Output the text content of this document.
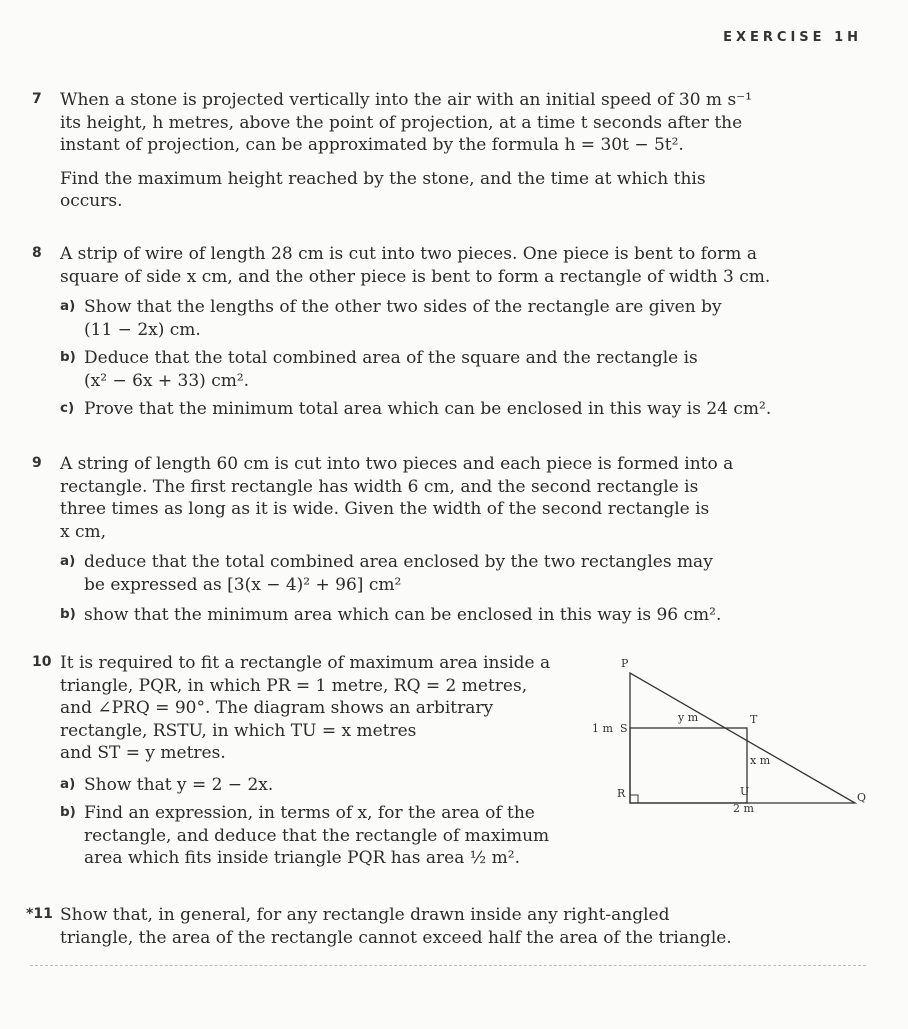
EXERCISE 1H
7 When a stone is projected vertically into the air with an initial speed of 30 m s⁻¹
its height, h metres, above the point of projection, at a time t seconds after the
instant of projection, can be approximated by the formula h = 30t − 5t².
Find the maximum height reached by the stone, and the time at which this
occurs.
8 A strip of wire of length 28 cm is cut into two pieces. One piece is bent to form a
square of side x cm, and the other piece is bent to form a rectangle of width 3 cm.
a) Show that the lengths of the other two sides of the rectangle are given by
(11 − 2x) cm.
b) Deduce that the total combined area of the square and the rectangle is
(x² − 6x + 33) cm².
c) Prove that the minimum total area which can be enclosed in this way is 24 cm².
9 A string of length 60 cm is cut into two pieces and each piece is formed into a
rectangle. The first rectangle has width 6 cm, and the second rectangle is
three times as long as it is wide. Given the width of the second rectangle is
x cm,
a) deduce that the total combined area enclosed by the two rectangles may
be expressed as [3(x − 4)² + 96] cm²
b) show that the minimum area which can be enclosed in this way is 96 cm².
10 It is required to fit a rectangle of maximum area inside a
triangle, PQR, in which PR = 1 metre, RQ = 2 metres,
and ∠PRQ = 90°. The diagram shows an arbitrary
rectangle, RSTU, in which TU = x metres
and ST = y metres.
a) Show that y = 2 − 2x.
b) Find an expression, in terms of x, for the area of the
rectangle, and deduce that the rectangle of maximum
area which fits inside triangle PQR has area ½ m².
P
S
1 m
R
T
y m
x m
U
2 m
Q
*11 Show that, in general, for any rectangle drawn inside any right-angled
triangle, the area of the rectangle cannot exceed half the area of the triangle.
